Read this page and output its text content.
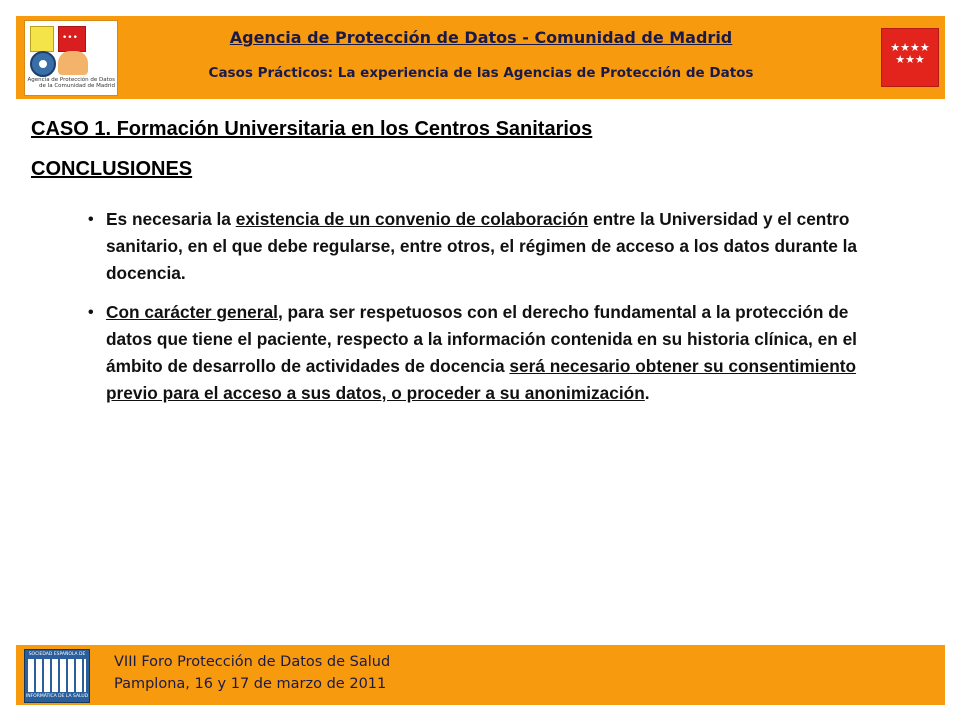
•••
Agencia de Protección de Datos de la Comunidad de Madrid
Agencia de Protección de Datos - Comunidad de Madrid
Casos Prácticos: La experiencia de las Agencias de Protección de Datos
★★★★
★★★
CASO 1. Formación Universitaria en los Centros Sanitarios
CONCLUSIONES
• Es necesaria la existencia de un convenio de colaboración entre la Universidad y el centro sanitario, en el que debe regularse, entre otros, el régimen de acceso a los datos durante la docencia.
• Con carácter general, para ser respetuosos con el derecho fundamental a la protección de datos que tiene el paciente, respecto a la información contenida en su historia clínica, en el ámbito de desarrollo de actividades de docencia será necesario obtener su consentimiento previo para el acceso a sus datos, o proceder a su anonimización.
SOCIEDAD ESPAÑOLA DE
INFORMÁTICA DE LA SALUD
VIII Foro Protección de Datos de Salud
Pamplona, 16 y 17 de marzo de 2011
